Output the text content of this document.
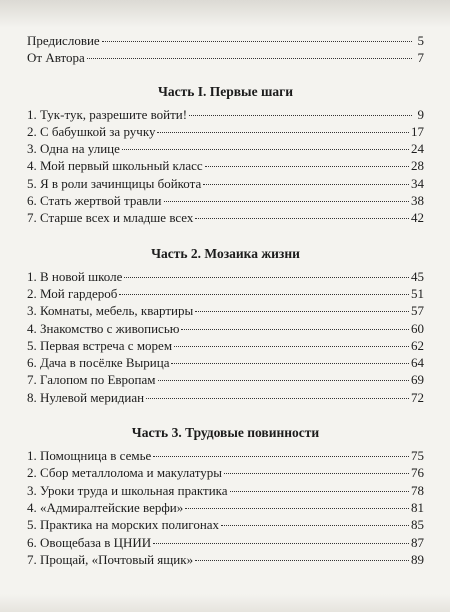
Предисловие	5
От Автора	7
Часть I. Первые шаги
1. Тук-тук, разрешите войти!	9
2. С бабушкой за ручку	17
3. Одна на улице	24
4. Мой первый школьный класс	28
5. Я в роли зачинщицы бойкота	34
6. Стать жертвой травли	38
7. Старше всех и младше всех	42
Часть 2. Мозаика жизни
1. В новой школе	45
2. Мой гардероб	51
3. Комнаты, мебель, квартиры	57
4. Знакомство с живописью	60
5. Первая встреча с морем	62
6. Дача в посёлке Вырица	64
7. Галопом по Европам	69
8. Нулевой меридиан	72
Часть 3. Трудовые повинности
1. Помощница в семье	75
2. Сбор металлолома и макулатуры	76
3. Уроки труда и школьная практика	78
4. «Адмиралтейские верфи»	81
5. Практика на морских полигонах	85
6. Овощебаза в ЦНИИ	87
7. Прощай, «Почтовый ящик»	89
